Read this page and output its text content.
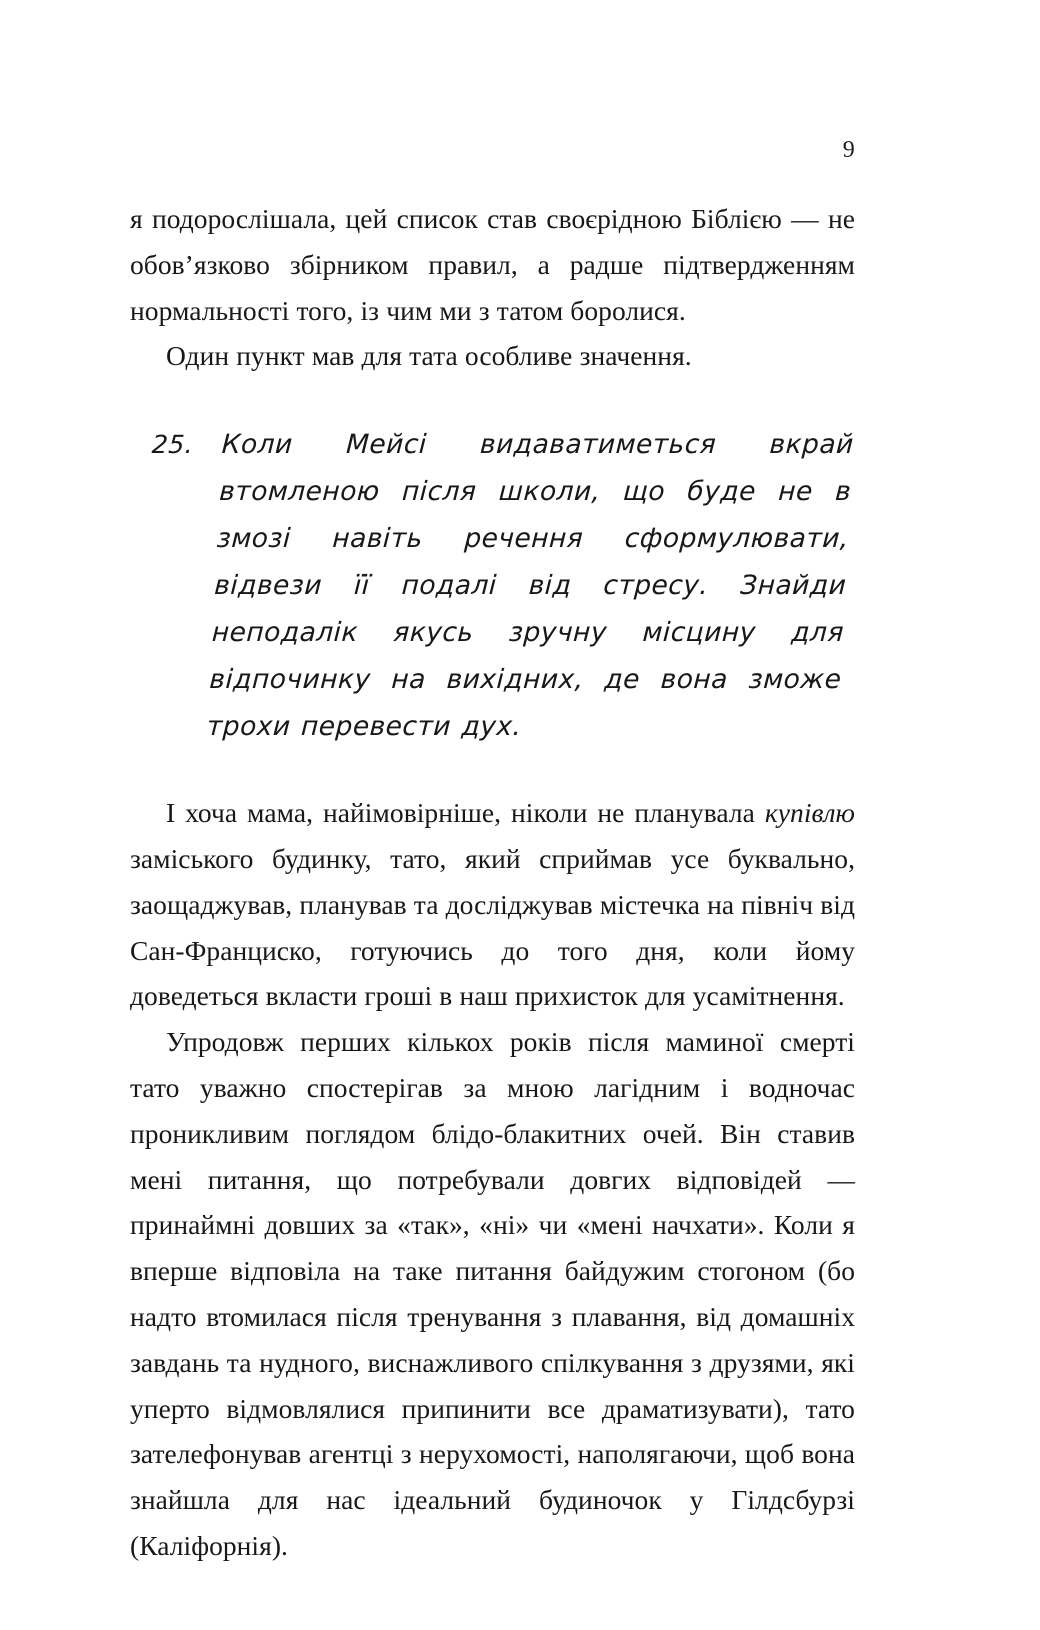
9

я подорослішала, цей список став своєрідною Біблією — не обов’язково збірником правил, а радше підтвердженням нормальності того, із чим ми з татом боролися.

Один пункт мав для тата особливе значення.

25. Коли Мейсі видаватиметься вкрай втомленою після школи, що буде не в змозі навіть речення сформулювати, відвези її подалі від стресу. Знайди неподалік якусь зручну місцину для відпочинку на вихідних, де вона зможе трохи перевести дух.

І хоча мама, найімовірніше, ніколи не планувала купівлю заміського будинку, тато, який сприймав усе буквально, заощаджував, планував та досліджував містечка на північ від Сан-Франциско, готуючись до того дня, коли йому доведеться вкласти гроші в наш прихисток для усамітнення.

Упродовж перших кількох років після маминої смерті тато уважно спостерігав за мною лагідним і водночас проникливим поглядом блідо-блакитних очей. Він ставив мені питання, що потребували довгих відповідей — принаймні довших за «так», «ні» чи «мені начхати». Коли я вперше відповіла на таке питання байдужим стогоном (бо надто втомилася після тренування з плавання, від домашніх завдань та нудного, виснажливого спілкування з друзями, які уперто відмовлялися припинити все драматизувати), тато зателефонував агентці з нерухомості, наполягаючи, щоб вона знайшла для нас ідеальний будиночок у Гілдсбурзі (Каліфорнія).
